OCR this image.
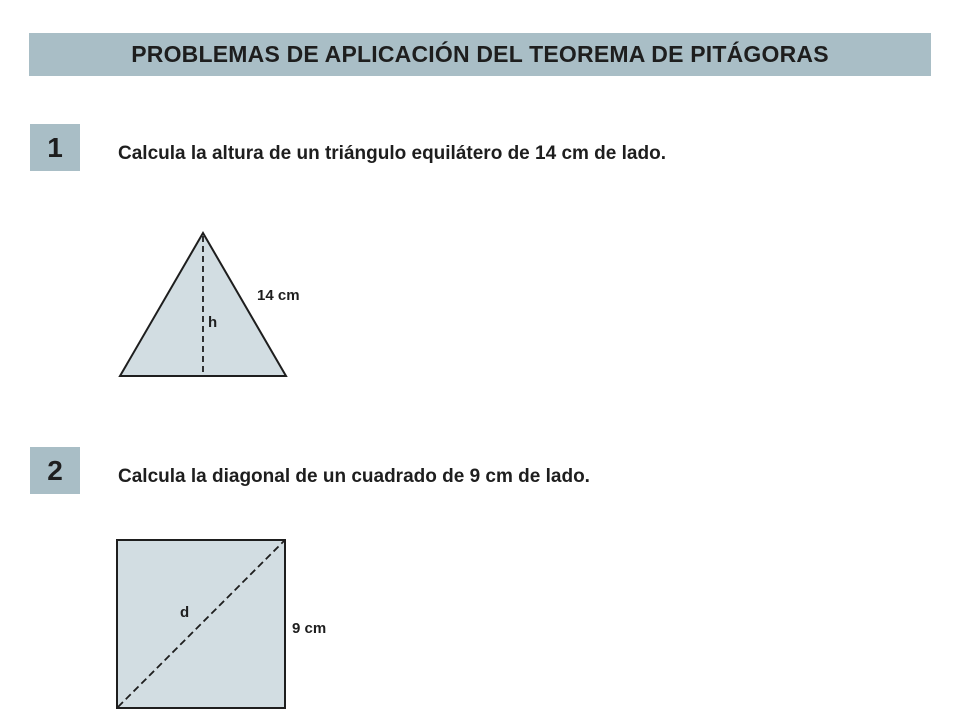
PROBLEMAS DE APLICACIÓN DEL TEOREMA DE PITÁGORAS
1	Calcula la altura de un triángulo equilátero de 14 cm de lado.
h
14 cm
d
9 cm
2	Calcula la diagonal de un cuadrado de 9 cm de lado.
